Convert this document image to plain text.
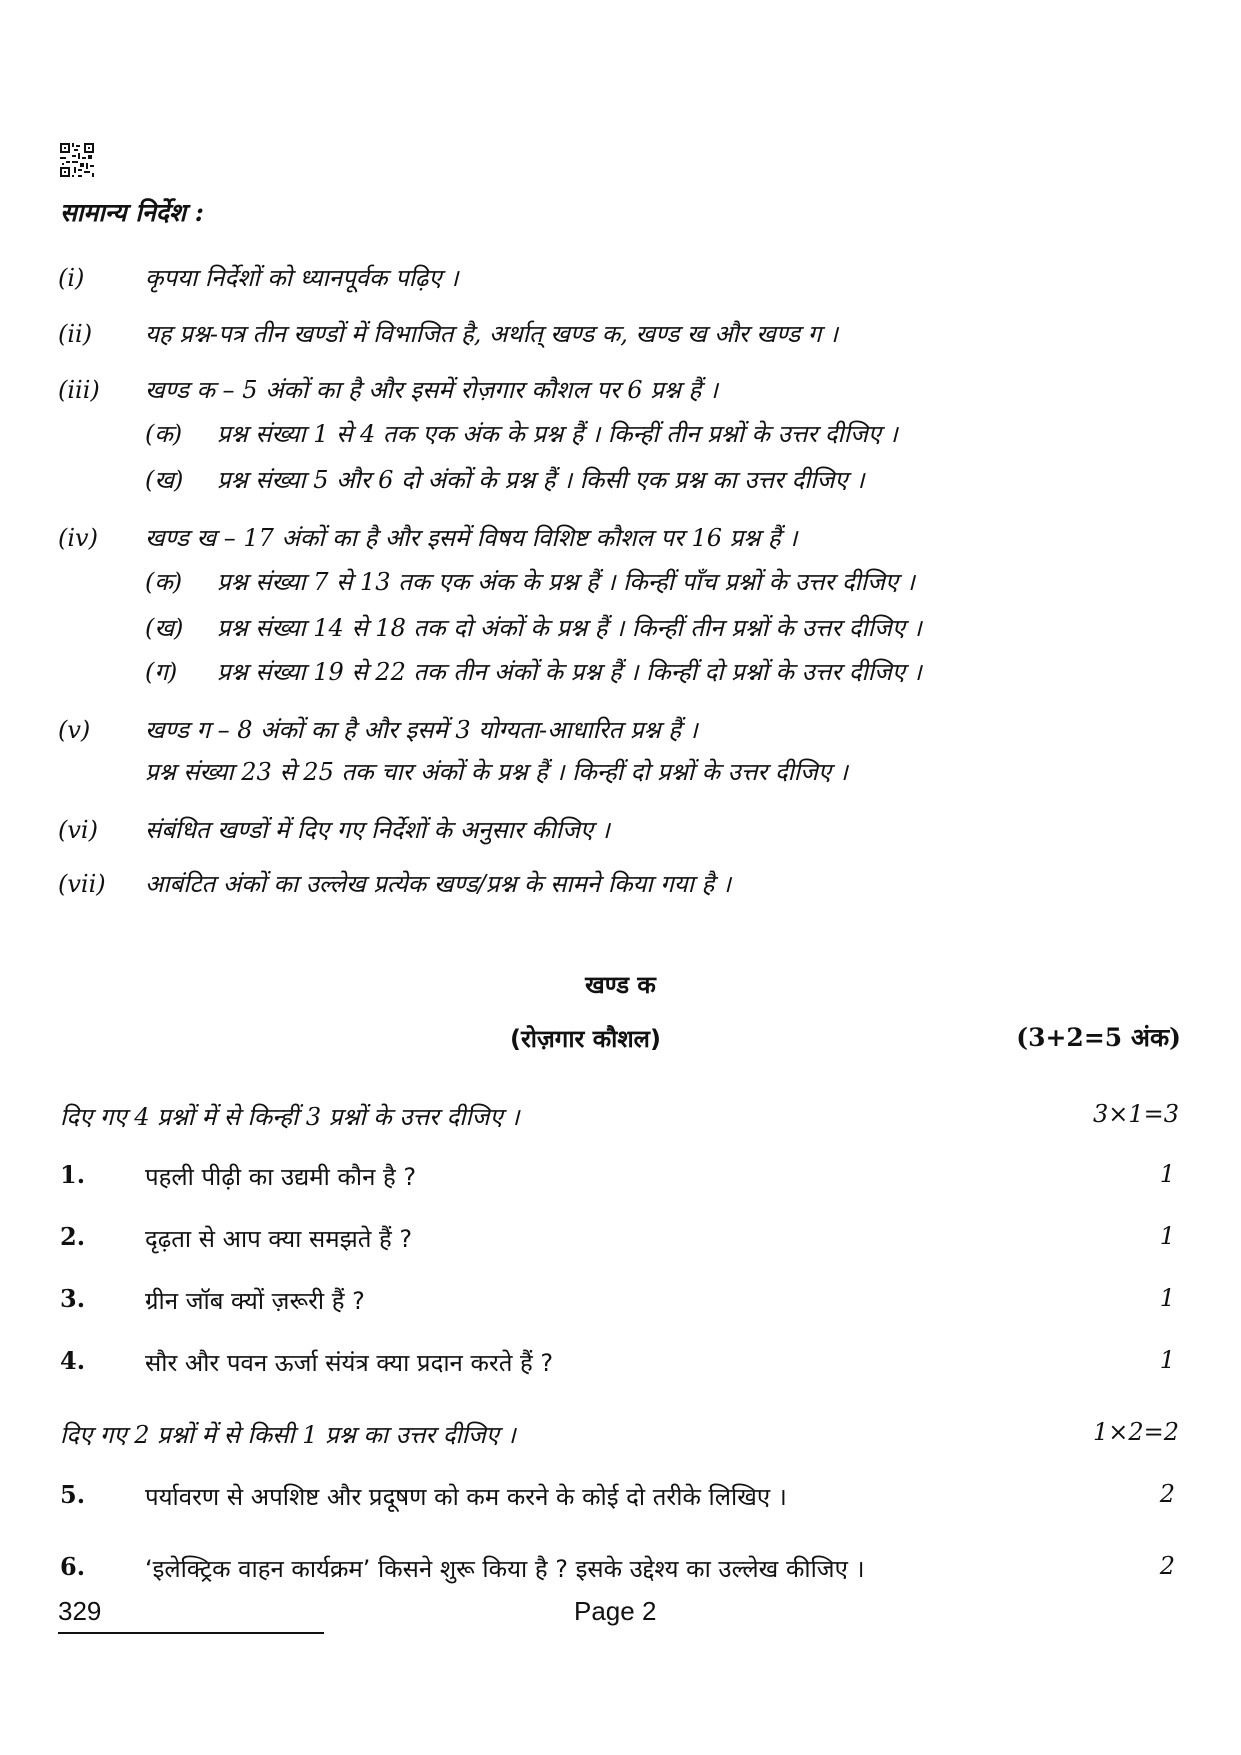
सामान्य निर्देश :
(i)	कृपया निर्देशों को ध्यानपूर्वक पढ़िए ।
(ii)	यह प्रश्न-पत्र तीन खण्डों में विभाजित है, अर्थात् खण्ड क, खण्ड ख और खण्ड ग ।
(iii)	खण्ड क – 5 अंकों का है और इसमें रोज़गार कौशल पर 6 प्रश्न हैं ।
(क) प्रश्न संख्या 1 से 4 तक एक अंक के प्रश्न हैं । किन्हीं तीन प्रश्नों के उत्तर दीजिए ।
(ख) प्रश्न संख्या 5 और 6 दो अंकों के प्रश्न हैं । किसी एक प्रश्न का उत्तर दीजिए ।
(iv)	खण्ड ख – 17 अंकों का है और इसमें विषय विशिष्ट कौशल पर 16 प्रश्न हैं ।
(क) प्रश्न संख्या 7 से 13 तक एक अंक के प्रश्न हैं । किन्हीं पाँच प्रश्नों के उत्तर दीजिए ।
(ख) प्रश्न संख्या 14 से 18 तक दो अंकों के प्रश्न हैं । किन्हीं तीन प्रश्नों के उत्तर दीजिए ।
(ग) प्रश्न संख्या 19 से 22 तक तीन अंकों के प्रश्न हैं । किन्हीं दो प्रश्नों के उत्तर दीजिए ।
(v)	खण्ड ग – 8 अंकों का है और इसमें 3 योग्यता-आधारित प्रश्न हैं ।
प्रश्न संख्या 23 से 25 तक चार अंकों के प्रश्न हैं । किन्हीं दो प्रश्नों के उत्तर दीजिए ।
(vi)	संबंधित खण्डों में दिए गए निर्देशों के अनुसार कीजिए ।
(vii)	आबंटित अंकों का उल्लेख प्रत्येक खण्ड/प्रश्न के सामने किया गया है ।
खण्ड क
(रोज़गार कौशल)	(3+2=5 अंक)
दिए गए 4 प्रश्नों में से किन्हीं 3 प्रश्नों के उत्तर दीजिए ।	3×1=3
1. पहली पीढ़ी का उद्यमी कौन है ?	1
2. दृढ़ता से आप क्या समझते हैं ?	1
3. ग्रीन जॉब क्यों ज़रूरी हैं ?	1
4. सौर और पवन ऊर्जा संयंत्र क्या प्रदान करते हैं ?	1
दिए गए 2 प्रश्नों में से किसी 1 प्रश्न का उत्तर दीजिए ।	1×2=2
5. पर्यावरण से अपशिष्ट और प्रदूषण को कम करने के कोई दो तरीके लिखिए ।	2
6. ‘इलेक्ट्रिक वाहन कार्यक्रम’ किसने शुरू किया है ? इसके उद्देश्य का उल्लेख कीजिए ।	2
329	Page 2
